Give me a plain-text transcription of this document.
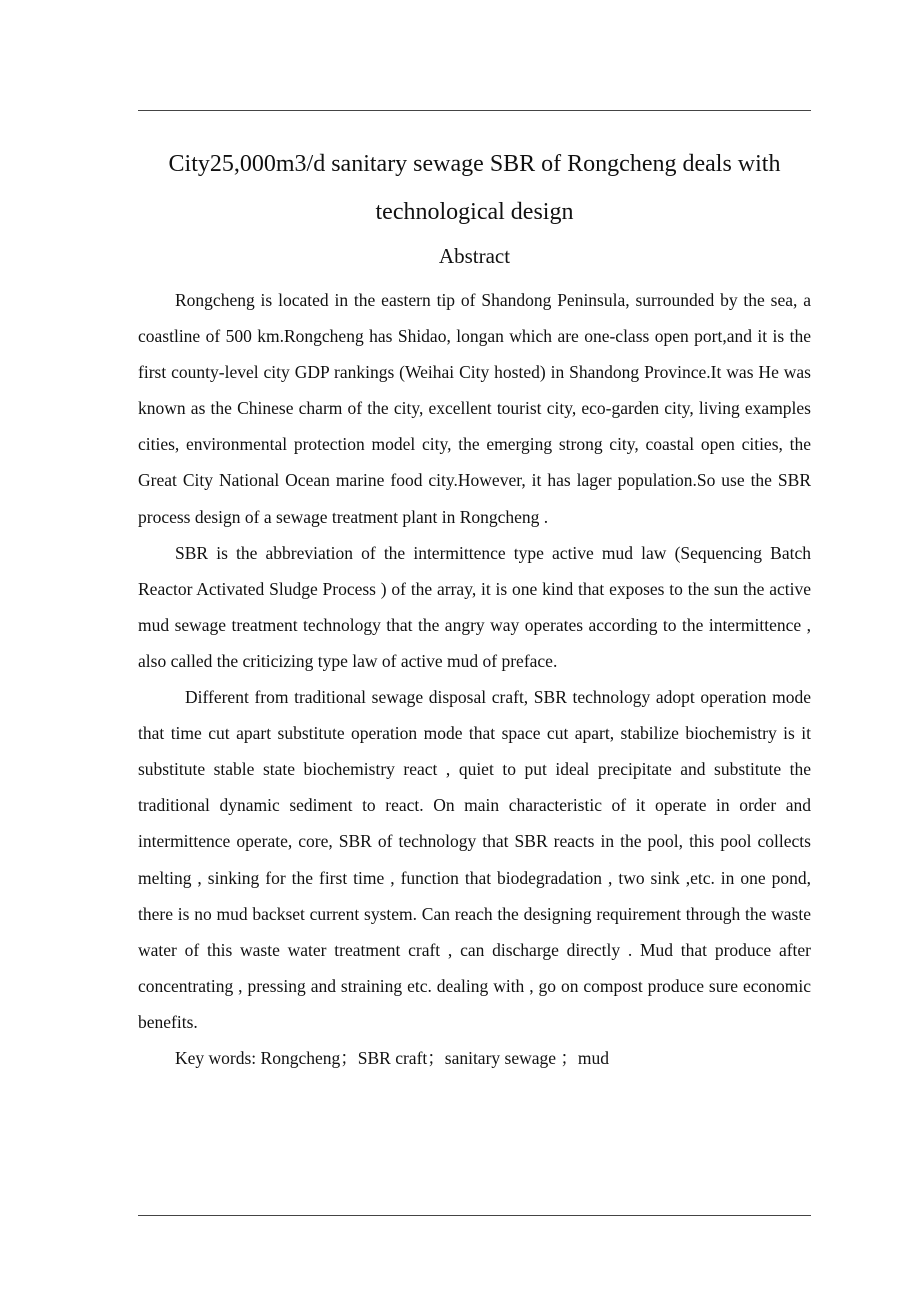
City25,000m3/d sanitary sewage SBR of Rongcheng deals with technological design
Abstract

Rongcheng is located in the eastern tip of Shandong Peninsula, surrounded by the sea, a coastline of 500 km.Rongcheng has Shidao, longan which are one-class open port,and it is the first county-level city GDP rankings (Weihai City hosted) in Shandong Province.It was He was known as the Chinese charm of the city, excellent tourist city, eco-garden city, living examples cities, environmental protection model city, the emerging strong city, coastal open cities, the Great City National Ocean marine food city.However, it has lager population.So use the SBR process design of a sewage treatment plant in Rongcheng .

SBR is the abbreviation of the intermittence type active mud law (Sequencing Batch Reactor Activated Sludge Process ) of the array, it is one kind that exposes to the sun the active mud sewage treatment technology that the angry way operates according to the intermittence , also called the criticizing type law of active mud of preface.

Different from traditional sewage disposal craft, SBR technology adopt operation mode that time cut apart substitute operation mode that space cut apart, stabilize biochemistry is it substitute stable state biochemistry react , quiet to put ideal precipitate and substitute the traditional dynamic sediment to react. On main characteristic of it operate in order and intermittence operate, core, SBR of technology that SBR reacts in the pool, this pool collects melting , sinking for the first time , function that biodegradation , two sink ,etc. in one pond, there is no mud backset current system. Can reach the designing requirement through the waste water of this waste water treatment craft , can discharge directly . Mud that produce after concentrating , pressing and straining etc. dealing with , go on compost produce sure economic benefits.

Key words: Rongcheng；SBR craft；sanitary sewage ；mud
